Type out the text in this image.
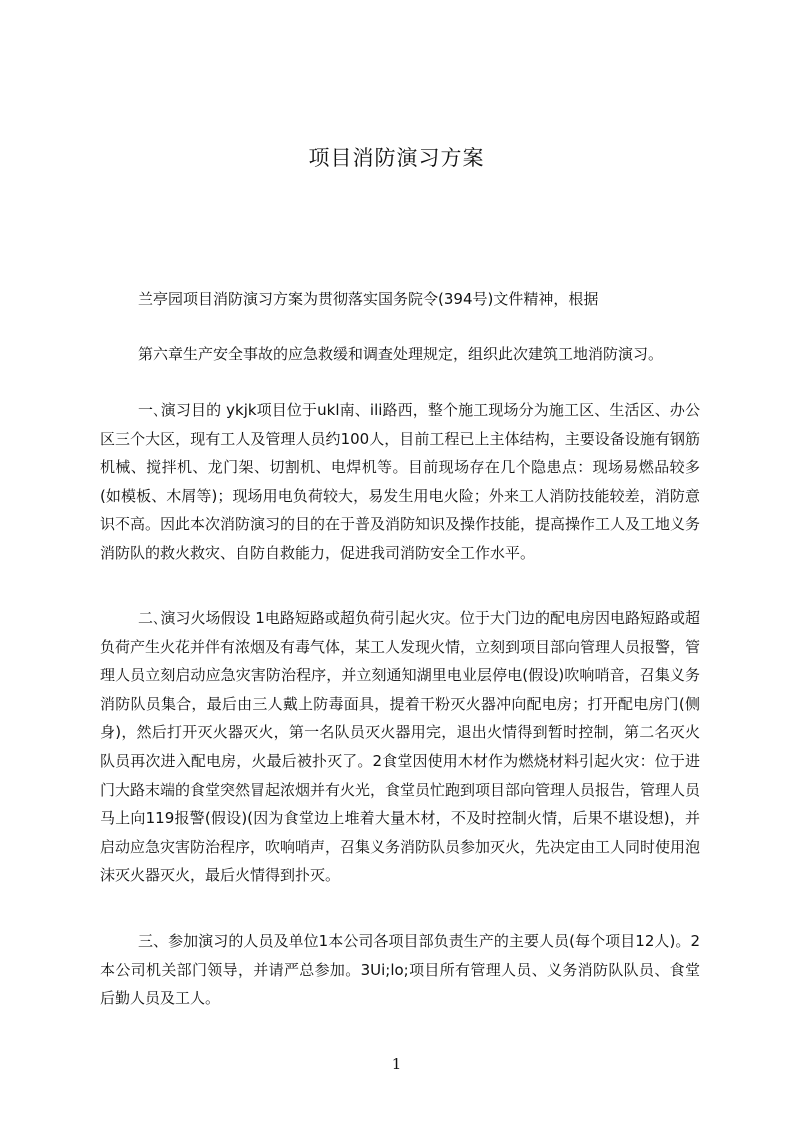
项目消防演习方案

兰亭园项目消防演习方案为贯彻落实国务院令(394号)文件精神，根据

第六章生产安全事故的应急救缓和调查处理规定，组织此次建筑工地消防演习。

一､演习目的 ykjk项目位于ukl南、ili路西，整个施工现场分为施工区、生活区、办公区三个大区，现有工人及管理人员约100人，目前工程已上主体结构，主要设备设施有钢筋机械、搅拌机、龙门架、切割机、电焊机等。目前现场存在几个隐患点：现场易燃品较多(如模板、木屑等)；现场用电负荷较大，易发生用电火险；外来工人消防技能较差，消防意识不高。因此本次消防演习的目的在于普及消防知识及操作技能，提高操作工人及工地义务消防队的救火救灾、自防自救能力，促进我司消防安全工作水平。

二､演习火场假设 1电路短路或超负荷引起火灾。位于大门边的配电房因电路短路或超负荷产生火花并伴有浓烟及有毒气体，某工人发现火情，立刻到项目部向管理人员报警，管理人员立刻启动应急灾害防治程序，并立刻通知湖里电业层停电(假设)吹响哨音，召集义务消防队员集合，最后由三人戴上防毒面具，提着干粉灭火器冲向配电房；打开配电房门(侧身)，然后打开灭火器灭火，第一名队员灭火器用完，退出火情得到暂时控制，第二名灭火队员再次进入配电房，火最后被扑灭了。2食堂因使用木材作为燃烧材料引起火灾：位于进门大路末端的食堂突然冒起浓烟并有火光，食堂员忙跑到项目部向管理人员报告，管理人员马上向119报警(假设)(因为食堂边上堆着大量木材，不及时控制火情，后果不堪设想)，并启动应急灾害防治程序，吹响哨声，召集义务消防队员参加灭火，先决定由工人同时使用泡沫灭火器灭火，最后火情得到扑灭。

三、参加演习的人员及单位1本公司各项目部负责生产的主要人员(每个项目12人)。2本公司机关部门领导，并请严总参加。3Ui;lo;项目所有管理人员、义务消防队队员、食堂后勤人员及工人。

1
